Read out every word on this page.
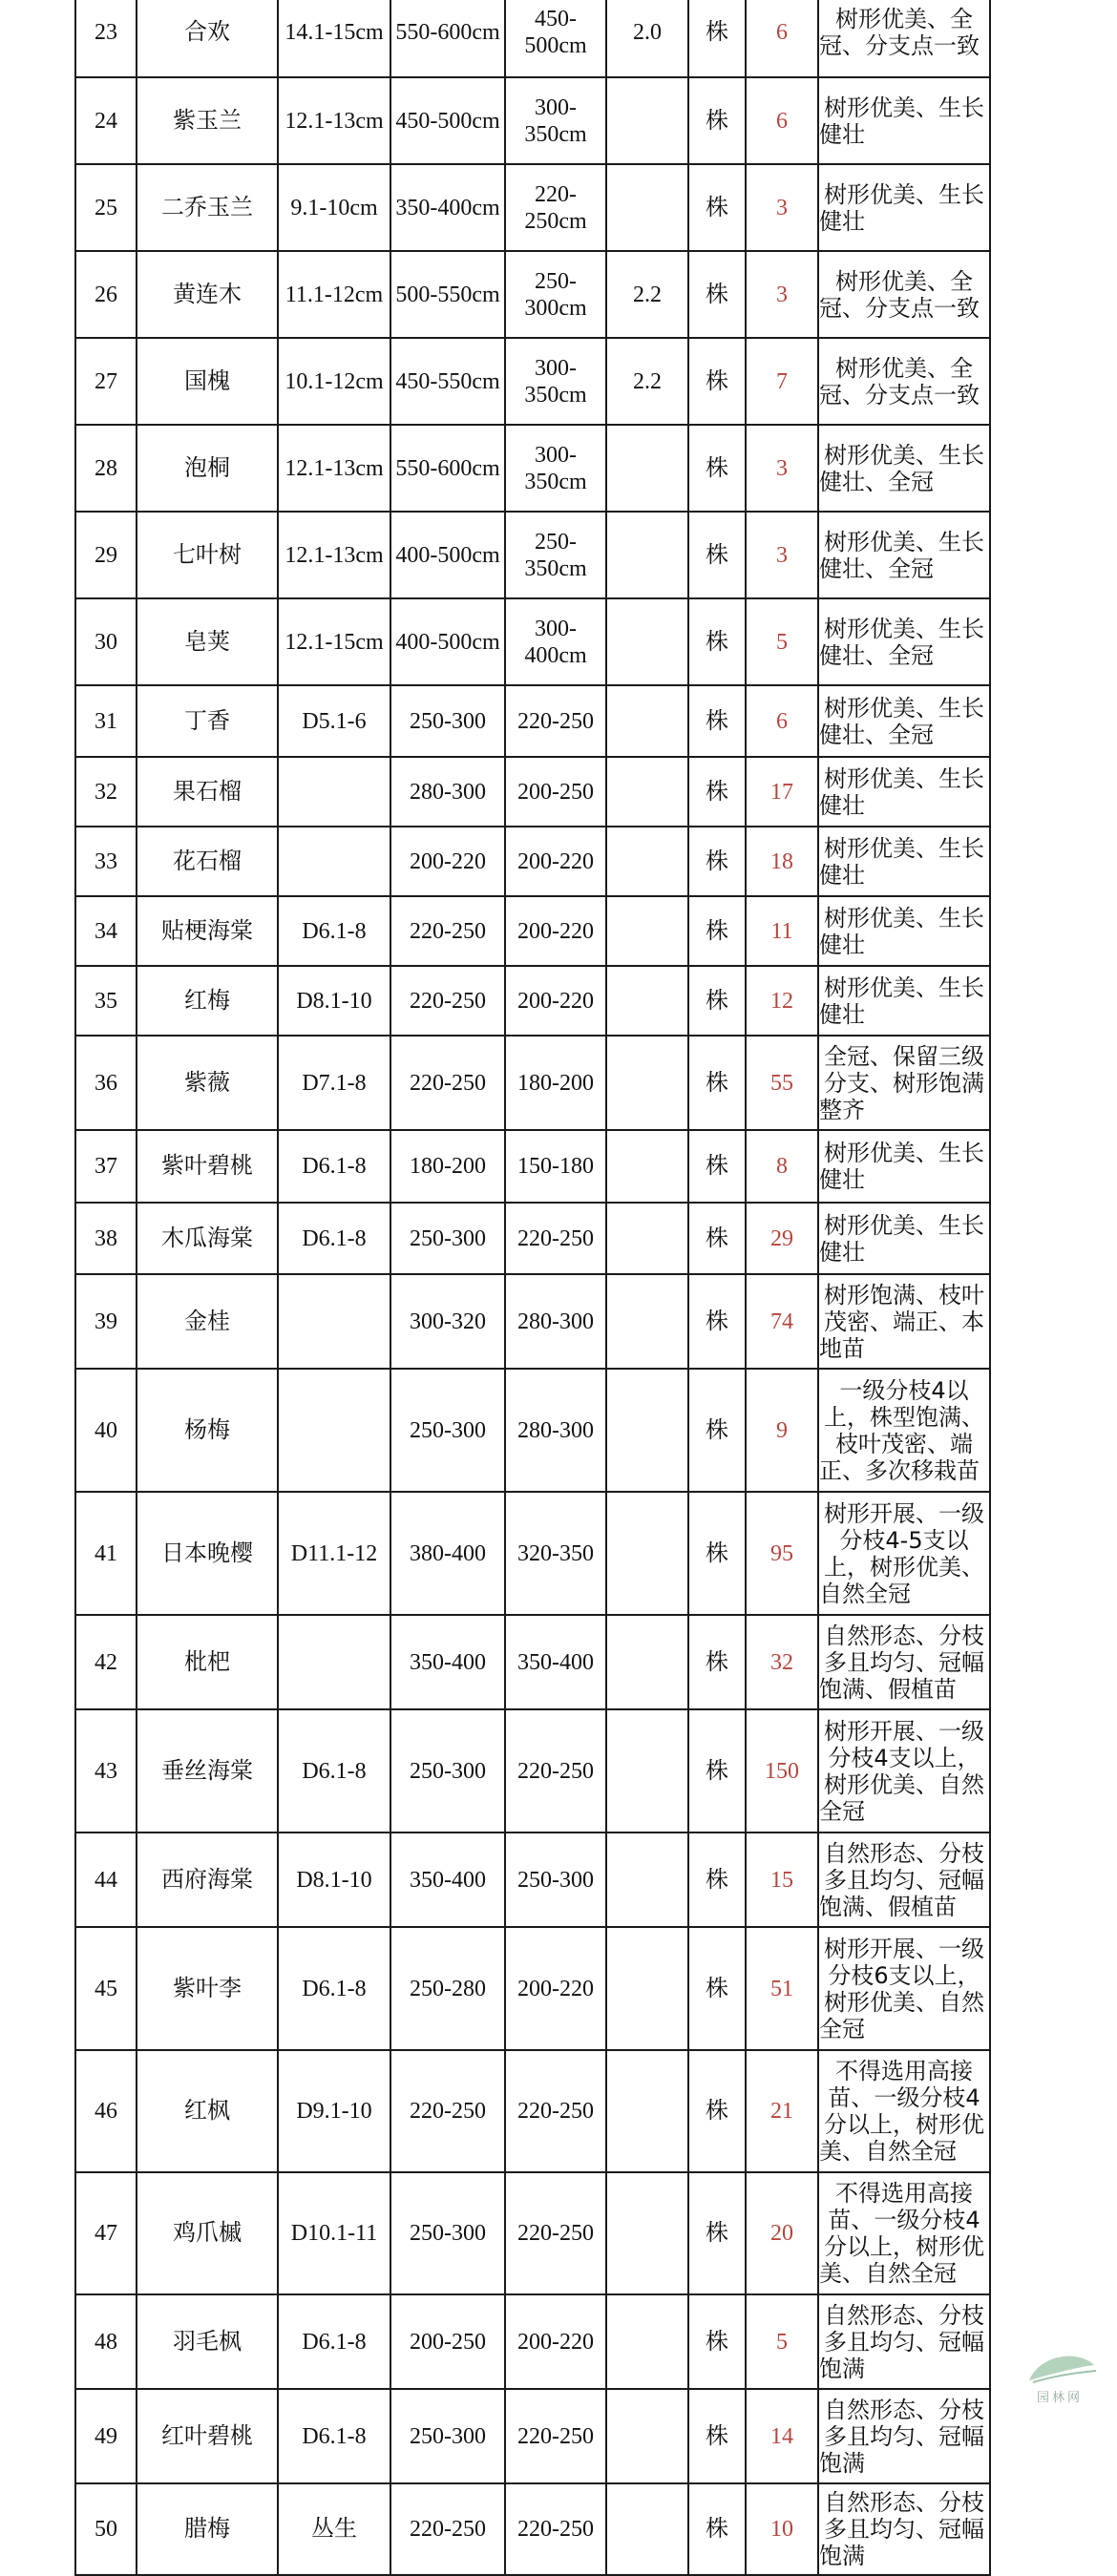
23	合欢	14.1-15cm	550-600cm	450-500cm	2.0	株	6	树形优美、全冠、分支点一致
24	紫玉兰	12.1-13cm	450-500cm	300-350cm		株	6	树形优美、生长健壮
25	二乔玉兰	9.1-10cm	350-400cm	220-250cm		株	3	树形优美、生长健壮
26	黄连木	11.1-12cm	500-550cm	250-300cm	2.2	株	3	树形优美、全冠、分支点一致
27	国槐	10.1-12cm	450-550cm	300-350cm	2.2	株	7	树形优美、全冠、分支点一致
28	泡桐	12.1-13cm	550-600cm	300-350cm		株	3	树形优美、生长健壮、全冠
29	七叶树	12.1-13cm	400-500cm	250-350cm		株	3	树形优美、生长健壮、全冠
30	皂荚	12.1-15cm	400-500cm	300-400cm		株	5	树形优美、生长健壮、全冠
31	丁香	D5.1-6	250-300	220-250		株	6	树形优美、生长健壮、全冠
32	果石榴		280-300	200-250		株	17	树形优美、生长健壮
33	花石榴		200-220	200-220		株	18	树形优美、生长健壮
34	贴梗海棠	D6.1-8	220-250	200-220		株	11	树形优美、生长健壮
35	红梅	D8.1-10	220-250	200-220		株	12	树形优美、生长健壮
36	紫薇	D7.1-8	220-250	180-200		株	55	全冠、保留三级分支、树形饱满整齐
37	紫叶碧桃	D6.1-8	180-200	150-180		株	8	树形优美、生长健壮
38	木瓜海棠	D6.1-8	250-300	220-250		株	29	树形优美、生长健壮
39	金桂		300-320	280-300		株	74	树形饱满、枝叶茂密、端正、本地苗
40	杨梅		250-300	280-300		株	9	一级分枝4以上，株型饱满、枝叶茂密、端正、多次移栽苗
41	日本晚樱	D11.1-12	380-400	320-350		株	95	树形开展、一级分枝4-5支以上，树形优美、自然全冠
42	枇杷		350-400	350-400		株	32	自然形态、分枝多且均匀、冠幅饱满、假植苗
43	垂丝海棠	D6.1-8	250-300	220-250		株	150	树形开展、一级分枝4支以上，树形优美、自然全冠
44	西府海棠	D8.1-10	350-400	250-300		株	15	自然形态、分枝多且均匀、冠幅饱满、假植苗
45	紫叶李	D6.1-8	250-280	200-220		株	51	树形开展、一级分枝6支以上，树形优美、自然全冠
46	红枫	D9.1-10	220-250	220-250		株	21	不得选用高接苗、一级分枝4分以上，树形优美、自然全冠
47	鸡爪槭	D10.1-11	250-300	220-250		株	20	不得选用高接苗、一级分枝4分以上，树形优美、自然全冠
48	羽毛枫	D6.1-8	200-250	200-220		株	5	自然形态、分枝多且均匀、冠幅饱满
49	红叶碧桃	D6.1-8	250-300	220-250		株	14	自然形态、分枝多且均匀、冠幅饱满
50	腊梅	丛生	220-250	220-250		株	10	自然形态、分枝多且均匀、冠幅饱满
园林网
